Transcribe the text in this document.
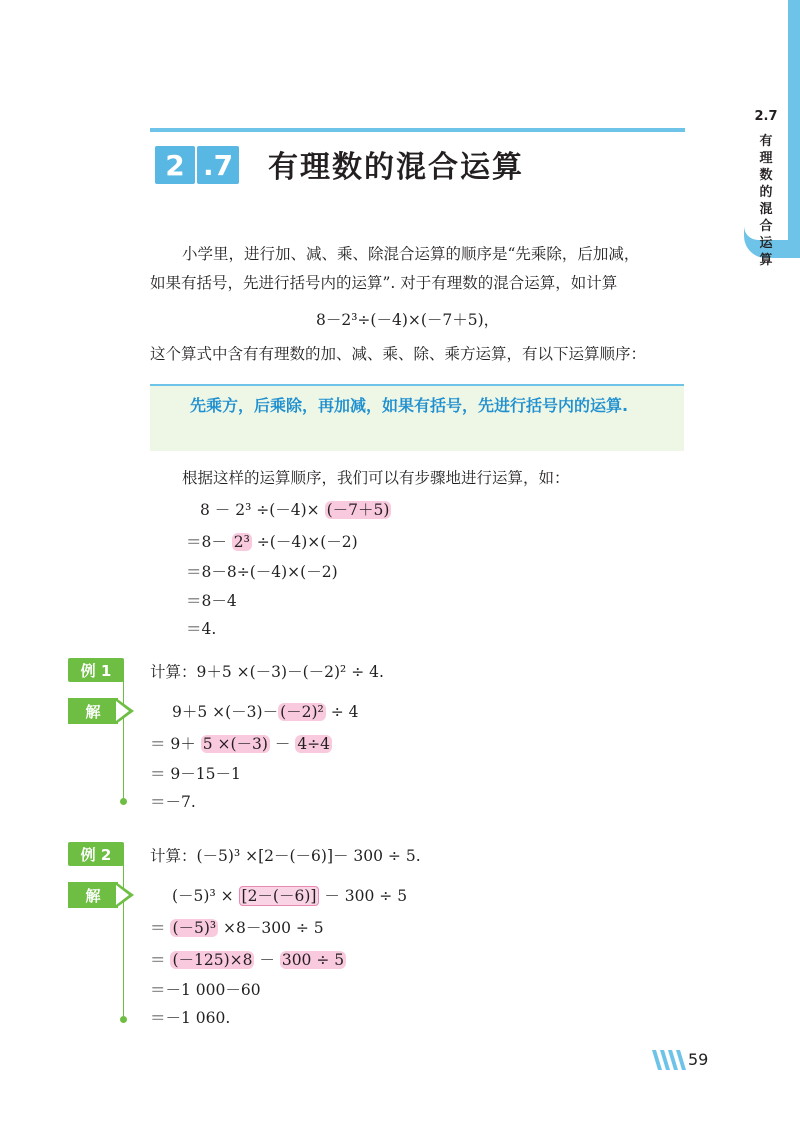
2.7
有
理
数
的
混
合
运
算
2 .7 有理数的混合运算
小学里，进行加、减、乘、除混合运算的顺序是“先乘除，后加减，
如果有括号，先进行括号内的运算”. 对于有理数的混合运算，如计算
8－2³÷(－4)×(－7＋5)，
这个算式中含有有理数的加、减、乘、除、乘方运算，有以下运算顺序：
先乘方，后乘除，再加减，如果有括号，先进行括号内的运算.
根据这样的运算顺序，我们可以有步骤地进行运算，如：
8 － 2³ ÷(－4)× (－7＋5)
＝8－ 2³ ÷(－4)×(－2)
＝8－8÷(－4)×(－2)
＝8－4
＝4.
例 1	计算：9＋5 ×(－3)－(－2)² ÷ 4.
解	9＋5 ×(－3)－ (－2)² ÷ 4
＝ 9＋ 5 ×(－3) － 4÷4
＝ 9－15－1
＝－7.
例 2	计算：(－5)³ ×[2－(－6)]－ 300 ÷ 5.
解	(－5)³ × [2－(－6)] － 300 ÷ 5
＝ (－5)³ ×8－300 ÷ 5
＝ (－125)×8 － 300 ÷ 5
＝－1 000－60
＝－1 060.
59
